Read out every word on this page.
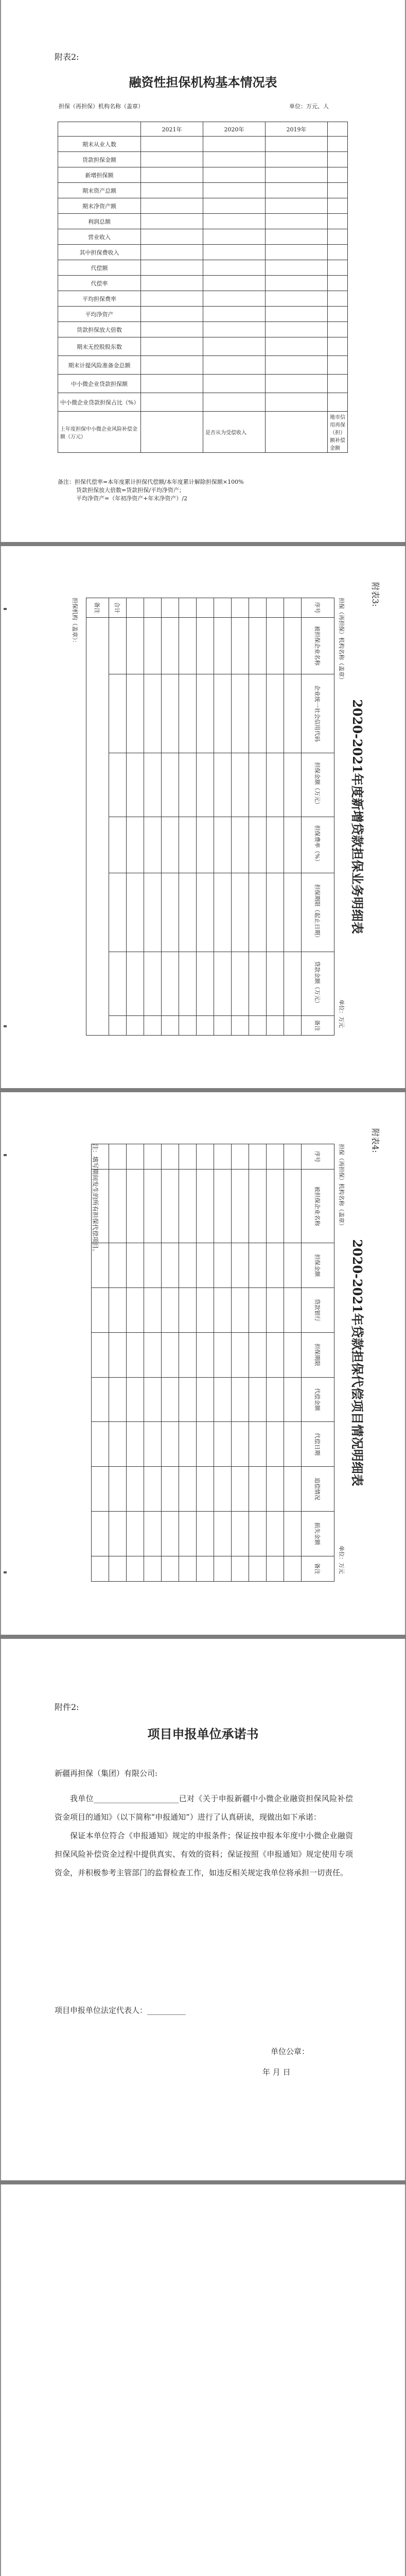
附表2:
融资性担保机构基本情况表
担保（再担保）机构名称（盖章）	单位：万元、人
	2021年	2020年	2019年	
期末从业人数				
货款担保金额				
新增担保额				
期末资产总额				
期末净资产额				
利润总额				
营业收入				
其中担保费收入				
代偿额				
代偿率				
平均担保费率				
平均净资产				
货款担保放大倍数				
期末无控股股东数				
期末计提风险准备金总额				
中小微企业贷款担保额				
中小微企业贷款担保占比（%）				
上年度担保中小微企业风险补偿金额（万元）		是否从为受偿收入		地市信用再保（担）额补偿金额
备注：担保代偿率=本年度累计担保代偿额/本年度累计解除担保额×100%
货款担保放大倍数=货款担保/平均净资产；
平均净资产=（年初净资产+年末净资产）/2
附表3:
2020-2021年度新增贷款担保业务明细表
担保（再担保）机构名称（盖章）
单位：万元
序号	被担保企业名称	企业统一社会信用代码	担保金额（万元）	担保费率（%）	担保期限（起止日期）	贷款金额（万元）	备注

合计							
备注							
担保机构（盖章）：
附表4:
2020-2021年贷款担保代偿项目情况明细表
担保（再担保）机构名称（盖章）
单位：万元
序号	被担保企业名称	担保金额	贷款银行	担保期限	代偿金额	代偿日期	追偿情况	损失金额	备注

注：填写期间发生的所有担保代偿项目。
附件2:
项目申报单位承诺书
新疆再担保（集团）有限公司:

我单位______________________已对《关于申报新疆中小微企业融资担保风险补偿资金项目的通知》（以下简称“申报通知”）进行了认真研读，现做出如下承诺：

保证本单位符合《申报通知》规定的申报条件；保证按申报本年度中小微企业融资担保风险补偿资金过程中提供真实、有效的资料；保证按照《申报通知》规定使用专项资金，并积极参考主管部门的监督检查工作，如违反相关规定我单位将承担一切责任。

项目申报单位法定代表人：__________
单位公章：
年 月 日
